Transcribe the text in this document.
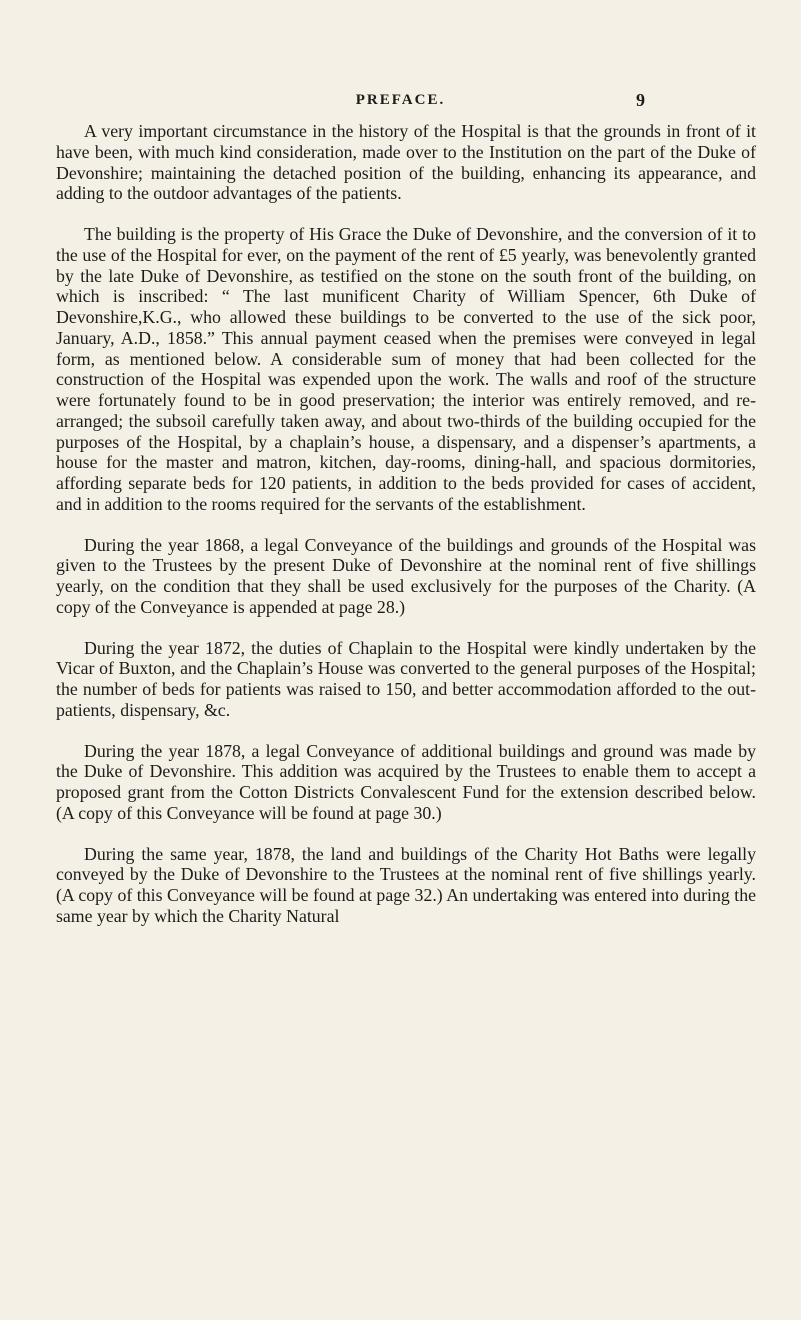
PREFACE.	9

A very important circumstance in the history of the Hospital is that the grounds in front of it have been, with much kind consideration, made over to the Institution on the part of the Duke of Devonshire; maintaining the detached position of the building, enhancing its appearance, and adding to the outdoor advantages of the patients.

The building is the property of His Grace the Duke of Devonshire, and the conversion of it to the use of the Hospital for ever, on the payment of the rent of £5 yearly, was benevolently granted by the late Duke of Devonshire, as testified on the stone on the south front of the building, on which is inscribed: “ The last munificent Charity of William Spencer, 6th Duke of Devonshire,K.G., who allowed these buildings to be converted to the use of the sick poor, January, A.D., 1858.” This annual payment ceased when the premises were conveyed in legal form, as mentioned below. A considerable sum of money that had been collected for the construction of the Hospital was expended upon the work. The walls and roof of the structure were fortunately found to be in good preservation; the interior was entirely removed, and re-arranged; the subsoil carefully taken away, and about two-thirds of the building occupied for the purposes of the Hospital, by a chaplain’s house, a dispensary, and a dispenser’s apartments, a house for the master and matron, kitchen, day-rooms, dining-hall, and spacious dormitories, affording separate beds for 120 patients, in addition to the beds provided for cases of accident, and in addition to the rooms required for the servants of the establishment.

During the year 1868, a legal Conveyance of the buildings and grounds of the Hospital was given to the Trustees by the present Duke of Devonshire at the nominal rent of five shillings yearly, on the condition that they shall be used exclusively for the purposes of the Charity. (A copy of the Conveyance is appended at page 28.)

During the year 1872, the duties of Chaplain to the Hospital were kindly undertaken by the Vicar of Buxton, and the Chaplain’s House was converted to the general purposes of the Hospital; the number of beds for patients was raised to 150, and better accommodation afforded to the out-patients, dispensary, &c.

During the year 1878, a legal Conveyance of additional buildings and ground was made by the Duke of Devonshire. This addition was acquired by the Trustees to enable them to accept a proposed grant from the Cotton Districts Convalescent Fund for the extension described below. (A copy of this Conveyance will be found at page 30.)

During the same year, 1878, the land and buildings of the Charity Hot Baths were legally conveyed by the Duke of Devonshire to the Trustees at the nominal rent of five shillings yearly. (A copy of this Conveyance will be found at page 32.) An undertaking was entered into during the same year by which the Charity Natural
